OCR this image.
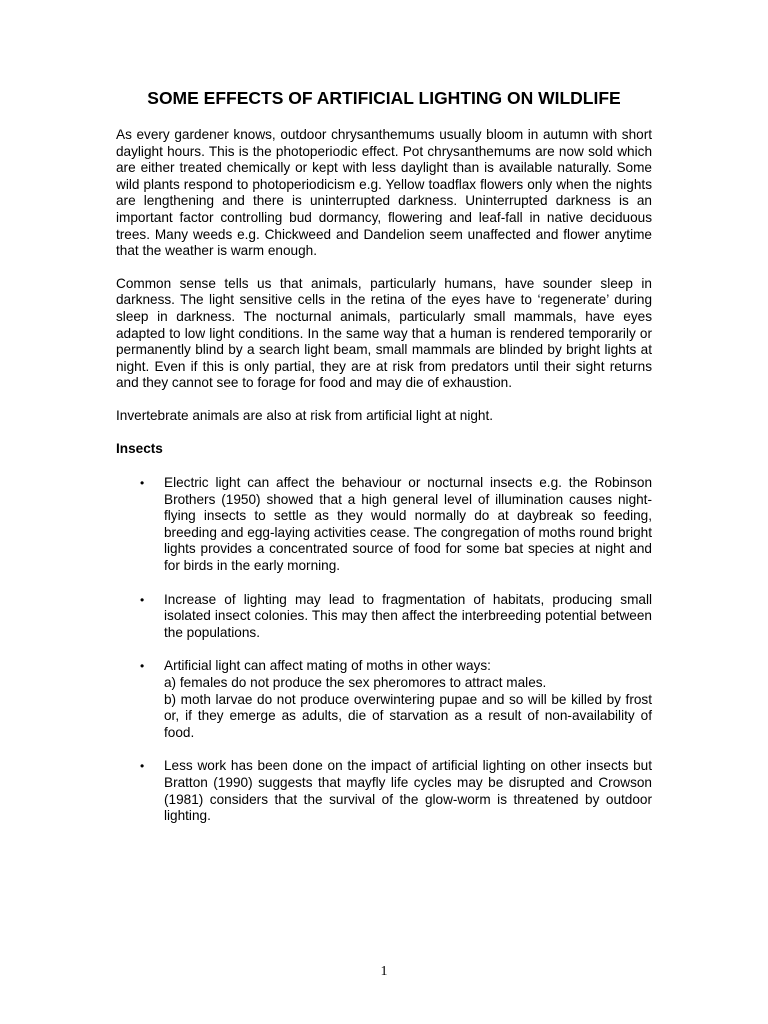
SOME EFFECTS OF ARTIFICIAL LIGHTING ON WILDLIFE

As every gardener knows, outdoor chrysanthemums usually bloom in autumn with short daylight hours. This is the photoperiodic effect. Pot chrysanthemums are now sold which are either treated chemically or kept with less daylight than is available naturally. Some wild plants respond to photoperiodicism e.g. Yellow toadflax flowers only when the nights are lengthening and there is uninterrupted darkness. Uninterrupted darkness is an important factor controlling bud dormancy, flowering and leaf-fall in native deciduous trees. Many weeds e.g. Chickweed and Dandelion seem unaffected and flower anytime that the weather is warm enough.

Common sense tells us that animals, particularly humans, have sounder sleep in darkness. The light sensitive cells in the retina of the eyes have to ‘regenerate’ during sleep in darkness. The nocturnal animals, particularly small mammals, have eyes adapted to low light conditions. In the same way that a human is rendered temporarily or permanently blind by a search light beam, small mammals are blinded by bright lights at night. Even if this is only partial, they are at risk from predators until their sight returns and they cannot see to forage for food and may die of exhaustion.

Invertebrate animals are also at risk from artificial light at night.

Insects
• Electric light can affect the behaviour or nocturnal insects e.g. the Robinson Brothers (1950) showed that a high general level of illumination causes night-flying insects to settle as they would normally do at daybreak so feeding, breeding and egg-laying activities cease. The congregation of moths round bright lights provides a concentrated source of food for some bat species at night and for birds in the early morning.
• Increase of lighting may lead to fragmentation of habitats, producing small isolated insect colonies. This may then affect the interbreeding potential between the populations.
• Artificial light can affect mating of moths in other ways:
a) females do not produce the sex pheromores to attract males.
b) moth larvae do not produce overwintering pupae and so will be killed by frost or, if they emerge as adults, die of starvation as a result of non-availability of food.
• Less work has been done on the impact of artificial lighting on other insects but Bratton (1990) suggests that mayfly life cycles may be disrupted and Crowson (1981) considers that the survival of the glow-worm is threatened by outdoor lighting.
1
